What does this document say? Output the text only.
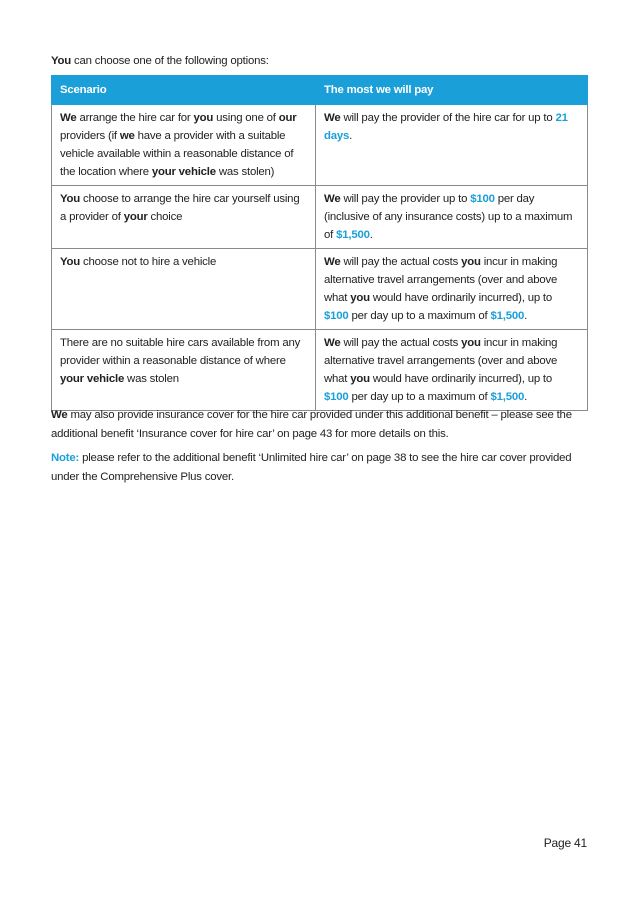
You can choose one of the following options:
Scenario	The most we will pay
We arrange the hire car for you using one of our providers (if we have a provider with a suitable vehicle available within a reasonable distance of the location where your vehicle was stolen)	We will pay the provider of the hire car for up to 21 days.
You choose to arrange the hire car yourself using a provider of your choice	We will pay the provider up to $100 per day (inclusive of any insurance costs) up to a maximum of $1,500.
You choose not to hire a vehicle	We will pay the actual costs you incur in making alternative travel arrangements (over and above what you would have ordinarily incurred), up to $100 per day up to a maximum of $1,500.
There are no suitable hire cars available from any provider within a reasonable distance of where your vehicle was stolen	We will pay the actual costs you incur in making alternative travel arrangements (over and above what you would have ordinarily incurred), up to $100 per day up to a maximum of $1,500.

We may also provide insurance cover for the hire car provided under this additional benefit – please see the additional benefit ‘Insurance cover for hire car’ on page 43 for more details on this.

Note: please refer to the additional benefit ‘Unlimited hire car’ on page 38 to see the hire car cover provided under the Comprehensive Plus cover.

Page 41
